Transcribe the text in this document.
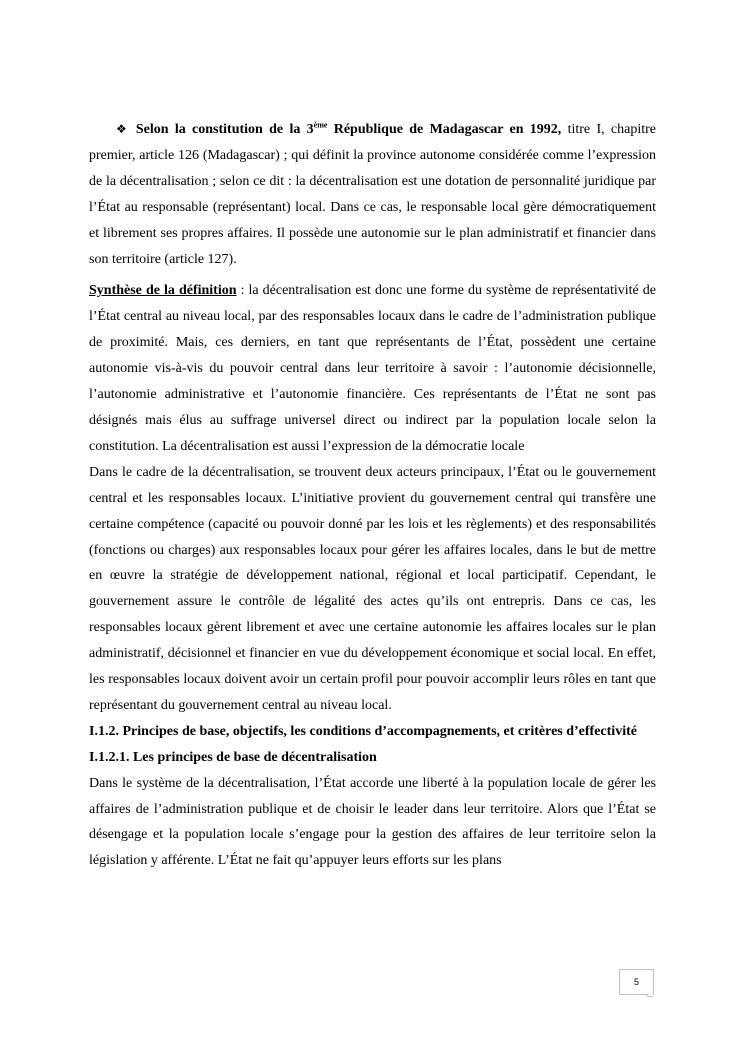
❖ Selon la constitution de la 3ème République de Madagascar en 1992, titre I, chapitre premier, article 126 (Madagascar) ; qui définit la province autonome considérée comme l’expression de la décentralisation ; selon ce dit : la décentralisation est une dotation de personnalité juridique par l’État au responsable (représentant) local. Dans ce cas, le responsable local gère démocratiquement et librement ses propres affaires. Il possède une autonomie sur le plan administratif et financier dans son territoire (article 127).

Synthèse de la définition : la décentralisation est donc une forme du système de représentativité de l’État central au niveau local, par des responsables locaux dans le cadre de l’administration publique de proximité. Mais, ces derniers, en tant que représentants de l’État, possèdent une certaine autonomie vis-à-vis du pouvoir central dans leur territoire à savoir : l’autonomie décisionnelle, l’autonomie administrative et l’autonomie financière. Ces représentants de l’État ne sont pas désignés mais élus au suffrage universel direct ou indirect par la population locale selon la constitution. La décentralisation est aussi l’expression de la démocratie locale

Dans le cadre de la décentralisation, se trouvent deux acteurs principaux, l’État ou le gouvernement central et les responsables locaux. L’initiative provient du gouvernement central qui transfère une certaine compétence (capacité ou pouvoir donné par les lois et les règlements) et des responsabilités (fonctions ou charges) aux responsables locaux pour gérer les affaires locales, dans le but de mettre en œuvre la stratégie de développement national, régional et local participatif. Cependant, le gouvernement assure le contrôle de légalité des actes qu’ils ont entrepris. Dans ce cas, les responsables locaux gèrent librement et avec une certaine autonomie les affaires locales sur le plan administratif, décisionnel et financier en vue du développement économique et social local. En effet, les responsables locaux doivent avoir un certain profil pour pouvoir accomplir leurs rôles en tant que représentant du gouvernement central au niveau local.

I.1.2. Principes de base, objectifs, les conditions d’accompagnements, et critères d’effectivité

I.1.2.1. Les principes de base de décentralisation

Dans le système de la décentralisation, l’État accorde une liberté à la population locale de gérer les affaires de l’administration publique et de choisir le leader dans leur territoire. Alors que l’État se désengage et la population locale s’engage pour la gestion des affaires de leur territoire selon la législation y afférente. L’État ne fait qu’appuyer leurs efforts sur les plans

5
